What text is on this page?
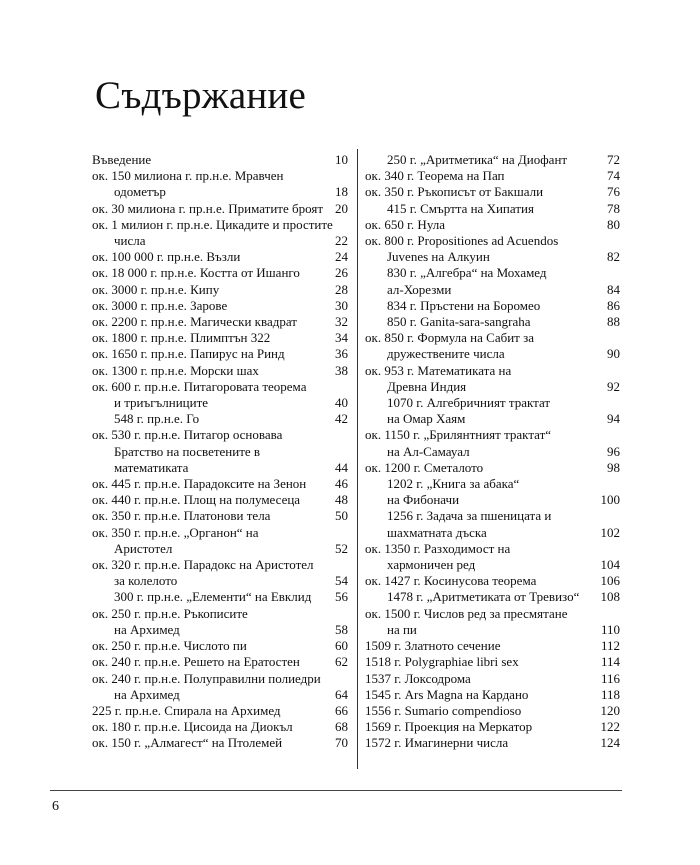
Съдържание
Въведение	10
ок. 150 милиона г. пр.н.е. Мравчен
одометър	18
ок. 30 милиона г. пр.н.е. Приматите броят 20
ок. 1 милион г. пр.н.е. Цикадите и простите
числа	22
ок. 100 000 г. пр.н.е. Възли	24
ок. 18 000 г. пр.н.е. Костта от Ишанго	26
ок. 3000 г. пр.н.е. Кипу	28
ок. 3000 г. пр.н.е. Зарове	30
ок. 2200 г. пр.н.е. Магически квадрат	32
ок. 1800 г. пр.н.е. Плимптън 322	34
ок. 1650 г. пр.н.е. Папирус на Ринд	36
ок. 1300 г. пр.н.е. Морски шах	38
ок. 600 г. пр.н.е. Питагоровата теорема
и триъгълниците	40
548 г. пр.н.е. Го	42
ок. 530 г. пр.н.е. Питагор основава
Братство на посветените в
математиката	44
ок. 445 г. пр.н.е. Парадоксите на Зенон	46
ок. 440 г. пр.н.е. Площ на полумесеца	48
ок. 350 г. пр.н.е. Платонови тела	50
ок. 350 г. пр.н.е. „Органон“ на
Аристотел	52
ок. 320 г. пр.н.е. Парадокс на Аристотел
за колелото	54
300 г. пр.н.е. „Елементи“ на Евклид	56
ок. 250 г. пр.н.е. Ръкописите
на Архимед	58
ок. 250 г. пр.н.е. Числото пи	60
ок. 240 г. пр.н.е. Решето на Ератостен	62
ок. 240 г. пр.н.е. Полуправилни полиедри
на Архимед	64
225 г. пр.н.е. Спирала на Архимед	66
ок. 180 г. пр.н.е. Цисоида на Диокъл	68
ок. 150 г. „Алмагест“ на Птолемей	70
250 г. „Аритметика“ на Диофант	72
ок. 340 г. Теорема на Пап	74
ок. 350 г. Ръкописът от Бакшали	76
415 г. Смъртта на Хипатия	78
ок. 650 г. Нула	80
ок. 800 г. Propositiones ad Acuendos
Juvenes на Алкуин	82
830 г. „Алгебра“ на Мохамед
ал-Хорезми	84
834 г. Пръстени на Боромео	86
850 г. Ganita-sara-sangraha	88
ок. 850 г. Формула на Сабит за
дружествените числа	90
ок. 953 г. Математиката на
Древна Индия	92
1070 г. Алгебричният трактат
на Омар Хаям	94
ок. 1150 г. „Брилянтният трактат“
на Ал-Самауал	96
ок. 1200 г. Сметалото	98
1202 г. „Книга за абака“
на Фибоначи	100
1256 г. Задача за пшеницата и
шахматната дъска	102
ок. 1350 г. Разходимост на
хармоничен ред	104
ок. 1427 г. Косинусова теорема	106
1478 г. „Аритметиката от Тревизо“	108
ок. 1500 г. Числов ред за пресмятане
на пи	110
1509 г. Златното сечение	112
1518 г. Polygraphiae libri sex	114
1537 г. Локсодрома	116
1545 г. Ars Magna на Кардано	118
1556 г. Sumario compendioso	120
1569 г. Проекция на Меркатор	122
1572 г. Имагинерни числа	124
6
